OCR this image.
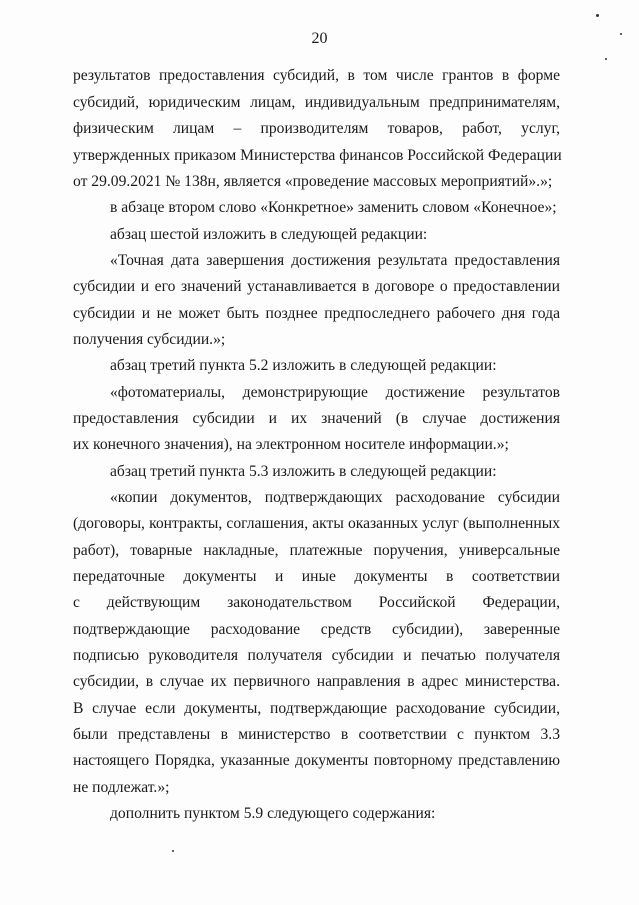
20
результатов предоставления субсидий, в том числе грантов в форме
субсидий, юридическим лицам, индивидуальным предпринимателям,
физическим лицам – производителям товаров, работ, услуг,
утвержденных приказом Министерства финансов Российской Федерации
от 29.09.2021 № 138н, является «проведение массовых мероприятий».»;
в абзаце втором слово «Конкретное» заменить словом «Конечное»;
абзац шестой изложить в следующей редакции:
«Точная дата завершения достижения результата предоставления
субсидии и его значений устанавливается в договоре о предоставлении
субсидии и не может быть позднее предпоследнего рабочего дня года
получения субсидии.»;
абзац третий пункта 5.2 изложить в следующей редакции:
«фотоматериалы, демонстрирующие достижение результатов
предоставления субсидии и их значений (в случае достижения
их конечного значения), на электронном носителе информации.»;
абзац третий пункта 5.3 изложить в следующей редакции:
«копии документов, подтверждающих расходование субсидии
(договоры, контракты, соглашения, акты оказанных услуг (выполненных
работ), товарные накладные, платежные поручения, универсальные
передаточные документы и иные документы в соответствии
с действующим законодательством Российской Федерации,
подтверждающие расходование средств субсидии), заверенные
подписью руководителя получателя субсидии и печатью получателя
субсидии, в случае их первичного направления в адрес министерства.
В случае если документы, подтверждающие расходование субсидии,
были представлены в министерство в соответствии с пунктом 3.3
настоящего Порядка, указанные документы повторному представлению
не подлежат.»;
дополнить пунктом 5.9 следующего содержания:
